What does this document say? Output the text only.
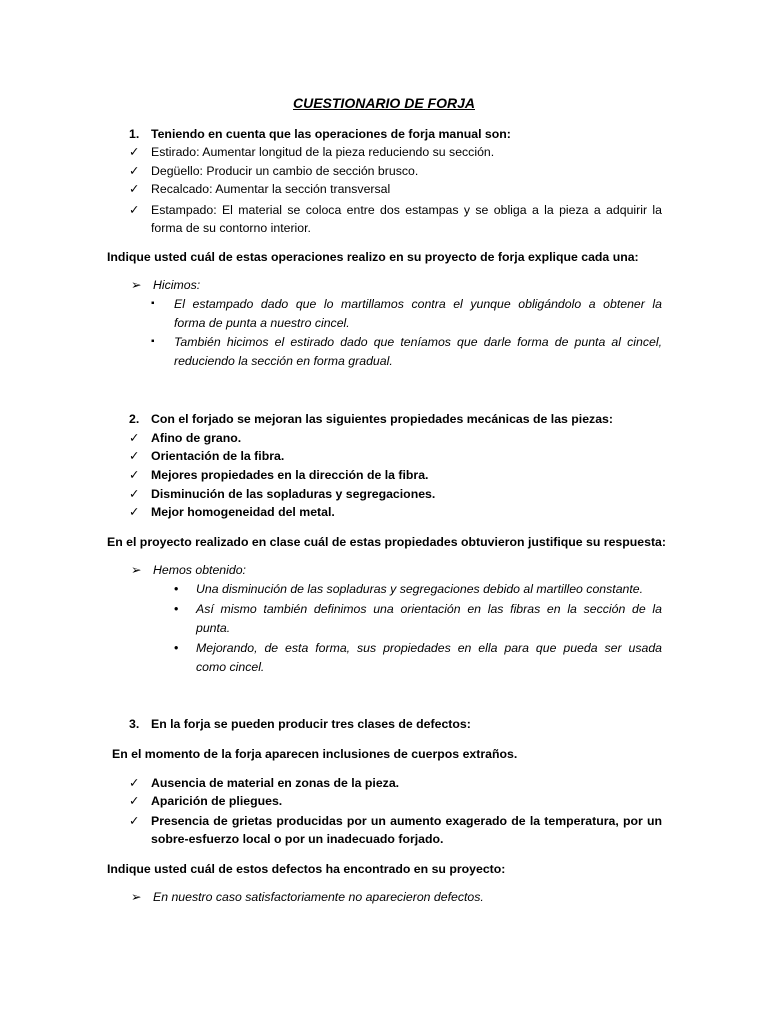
CUESTIONARIO DE FORJA
1. Teniendo en cuenta que las operaciones de forja manual son:
✓ Estirado: Aumentar longitud de la pieza reduciendo su sección.
✓ Degüello: Producir un cambio de sección brusco.
✓ Recalcado: Aumentar la sección transversal
✓ Estampado: El material se coloca entre dos estampas y se obliga a la pieza a adquirir la
forma de su contorno interior.
Indique usted cuál de estas operaciones realizo en su proyecto de forja explique cada una:
➢ Hicimos:
▪ El estampado dado que lo martillamos contra el yunque obligándolo a obtener la
forma de punta a nuestro cincel.
▪ También hicimos el estirado dado que teníamos que darle forma de punta al cincel,
reduciendo la sección en forma gradual.
2. Con el forjado se mejoran las siguientes propiedades mecánicas de las piezas:
✓ Afino de grano.
✓ Orientación de la fibra.
✓ Mejores propiedades en la dirección de la fibra.
✓ Disminución de las sopladuras y segregaciones.
✓ Mejor homogeneidad del metal.
En el proyecto realizado en clase cuál de estas propiedades obtuvieron justifique su respuesta:
➢ Hemos obtenido:
• Una disminución de las sopladuras y segregaciones debido al martilleo constante.
• Así mismo también definimos una orientación en las fibras en la sección de la
punta.
• Mejorando, de esta forma, sus propiedades en ella para que pueda ser usada
como cincel.
3. En la forja se pueden producir tres clases de defectos:
En el momento de la forja aparecen inclusiones de cuerpos extraños.
✓ Ausencia de material en zonas de la pieza.
✓ Aparición de pliegues.
✓ Presencia de grietas producidas por un aumento exagerado de la temperatura, por un
sobre-esfuerzo local o por un inadecuado forjado.
Indique usted cuál de estos defectos ha encontrado en su proyecto:
➢ En nuestro caso satisfactoriamente no aparecieron defectos.
